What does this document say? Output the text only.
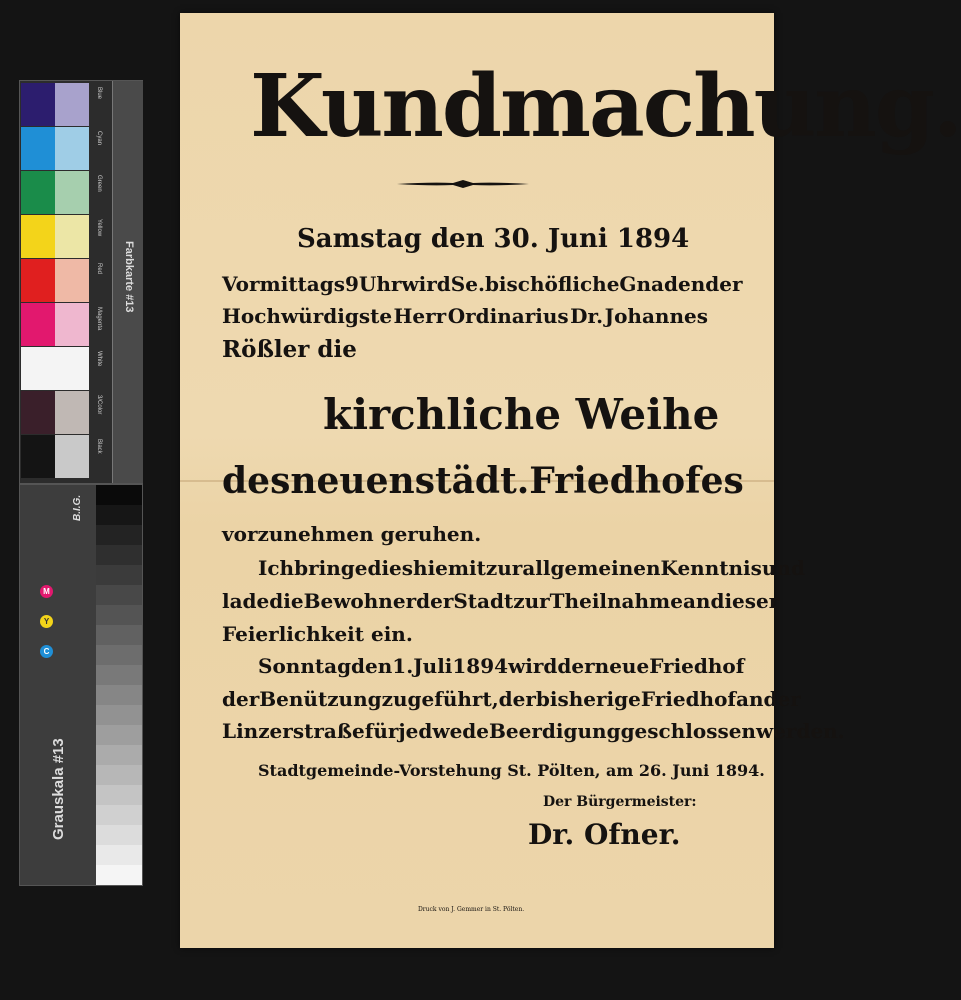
Blue
Cyan
Green
Yellow
Red
Magenta
White
3/Color
Black
Farbkarte #13
Grauskala #13
B.I.G.
M
Y
C
Kundmachung.
Samstag den 30. Juni 1894
Vormittags 9 Uhr wird Se. bischöfliche Gnaden der
Hochwürdigste Herr Ordinarius Dr. Johannes
Rößler die
kirchliche Weihe
des neuen städt. Friedhofes
vorzunehmen geruhen.
Ich bringe dies hiemit zur allgemeinen Kenntnis und
lade die Bewohner der Stadt zur Theilnahme an dieser
Feierlichkeit ein.
Sonntag den 1. Juli 1894 wird der neue Friedhof
der Benützung zugeführt, der bisherige Friedhof an der
Linzerstraße für jedwede Beerdigung geschlossen werden.
Stadtgemeinde-Vorstehung St. Pölten, am 26. Juni 1894.
Der Bürgermeister:
Dr. Ofner.
Druck von J. Gemmer in St. Pölten.
